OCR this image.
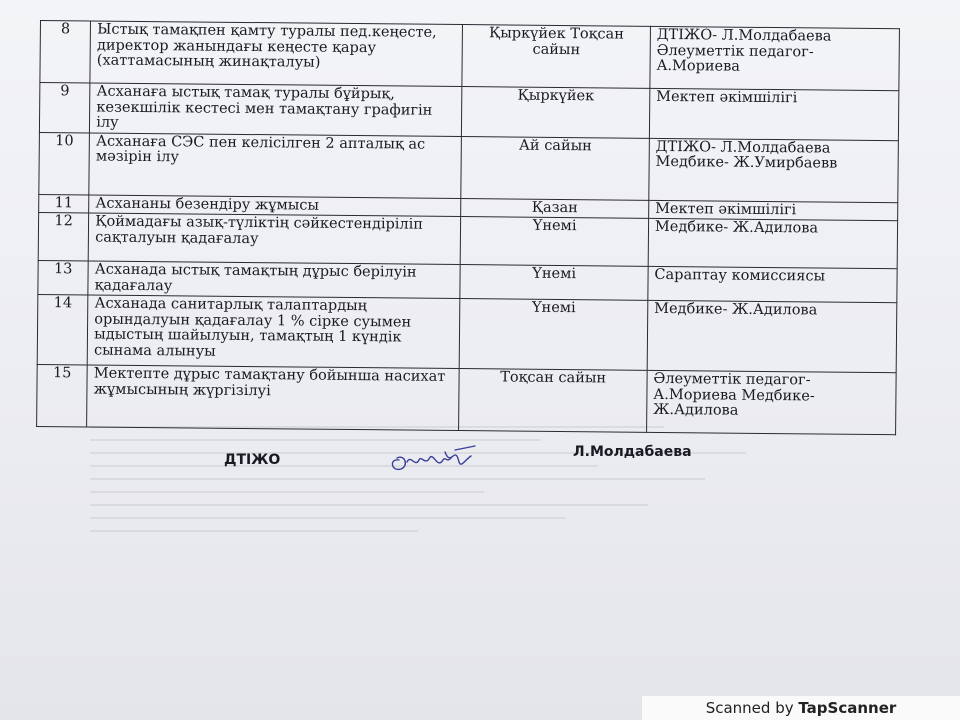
8	Ыстық тамақпен қамту туралы пед.кеңесте, директор жанындағы кеңесте қарау (хаттамасының жинақталуы)	Қыркүйек Тоқсан сайын	ДТІЖО- Л.Молдабаева Әлеуметтік педагог- А.Мориева
9	Асханаға ыстық тамақ туралы бұйрық, кезекшілік кестесі мен тамақтану графигін ілу	Қыркүйек	Мектеп әкімшілігі
10	Асханаға СЭС пен келісілген 2 апталық ас мәзірін ілу	Ай сайын	ДТІЖО- Л.Молдабаева Медбике- Ж.Умирбаевв
11	Асхананы безендіру жұмысы	Қазан	Мектеп әкімшілігі
12	Қоймадағы азық-түліктің сәйкестендіріліп сақталуын қадағалау	Үнемі	Медбике- Ж.Адилова
13	Асханада ыстық тамақтың дұрыс берілуін қадағалау	Үнемі	Сараптау комиссиясы
14	Асханада санитарлық талаптардың орындалуын қадағалау 1 % сірке суымен ыдыстың шайылуын, тамақтың 1 күндік сынама алынуы	Үнемі	Медбике- Ж.Адилова
15	Мектепте дұрыс тамақтану бойынша насихат жұмысының жүргізілуі	Тоқсан сайын	Әлеуметтік педагог- А.Мориева Медбике- Ж.Адилова
ДТІЖО	Л.Молдабаева
Scanned by TapScanner
